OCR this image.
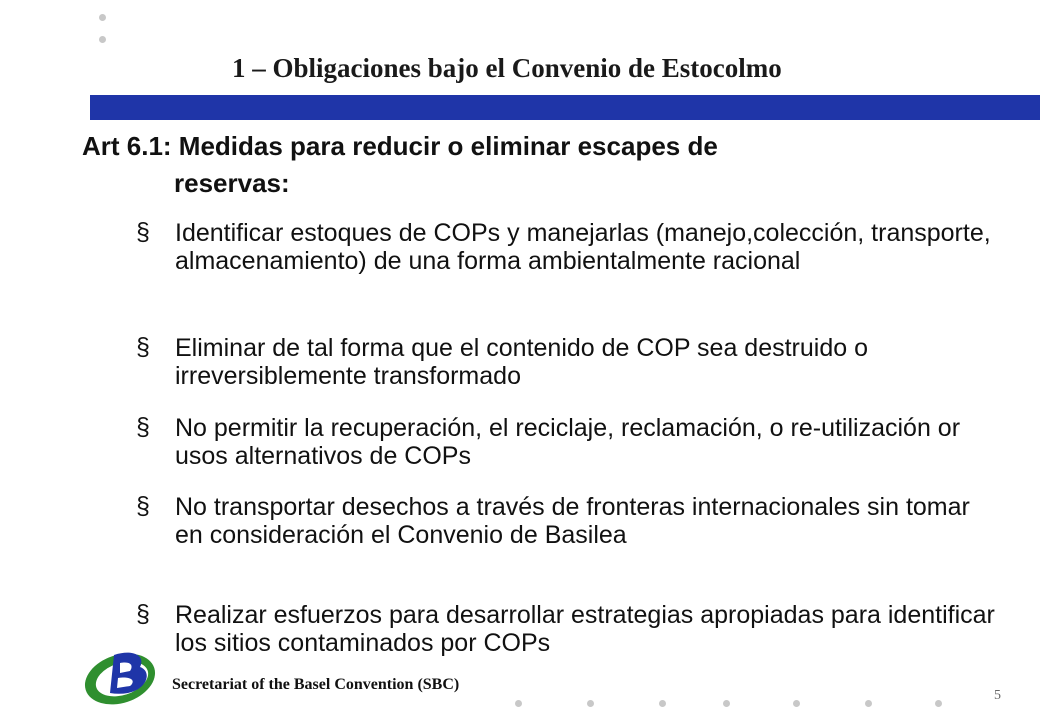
1 – Obligaciones bajo el Convenio de Estocolmo
Art 6.1: Medidas para reducir o eliminar escapes de
reservas:
§ Identificar estoques de COPs y manejarlas (manejo,colección, transporte, almacenamiento) de una forma ambientalmente racional
§ Eliminar de tal forma que el contenido de COP sea destruido o irreversiblemente transformado
§ No permitir la recuperación, el reciclaje, reclamación, o re-utilización or usos alternativos de COPs
§ No transportar desechos a través de fronteras internacionales sin tomar en consideración el Convenio de Basilea
§ Realizar esfuerzos para desarrollar estrategias apropiadas para identificar los sitios contaminados por COPs
Secretariat of the Basel Convention (SBC)
5
